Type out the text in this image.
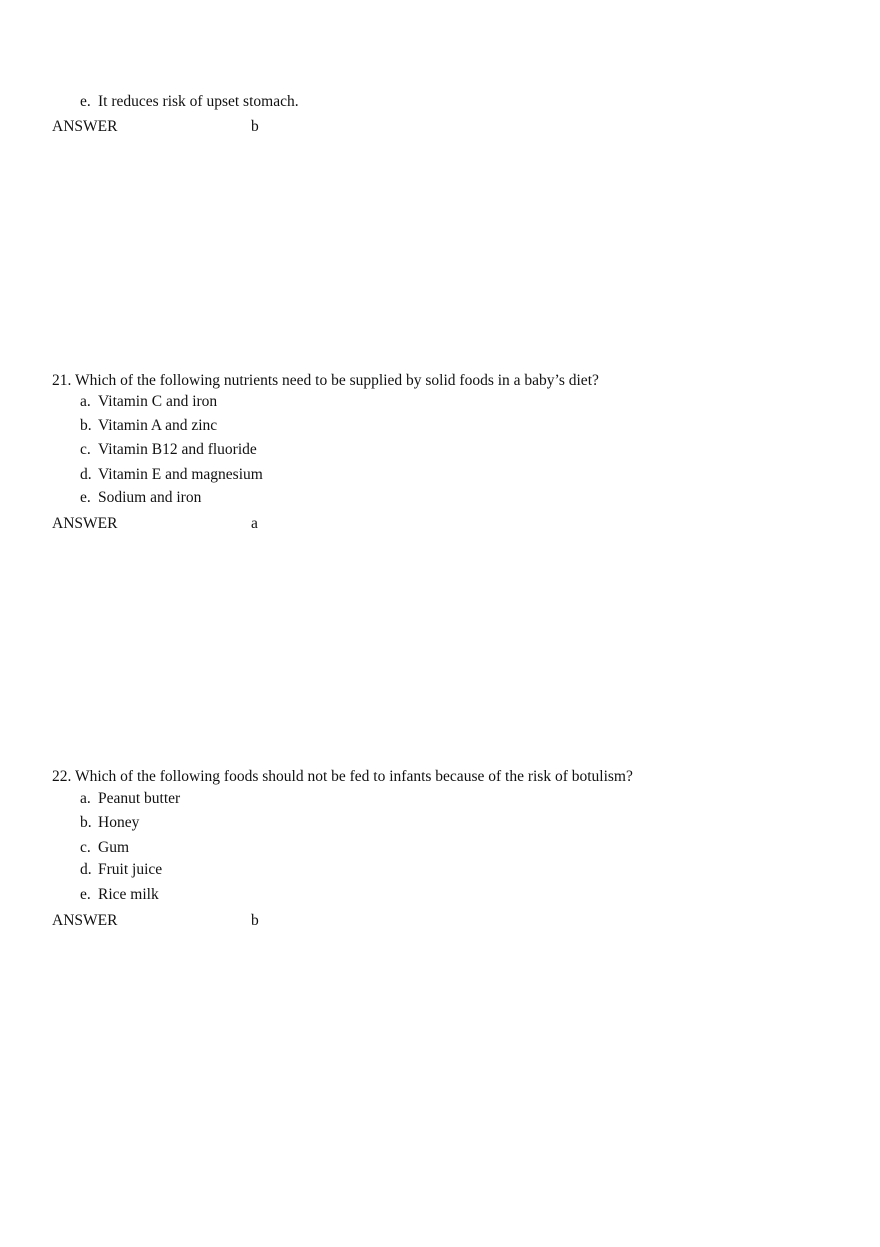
e. It reduces risk of upset stomach.
ANSWER	b
21. Which of the following nutrients need to be supplied by solid foods in a baby’s diet?
a. Vitamin C and iron
b. Vitamin A and zinc
c. Vitamin B12 and fluoride
d. Vitamin E and magnesium
e. Sodium and iron
ANSWER	a
22. Which of the following foods should not be fed to infants because of the risk of botulism?
a. Peanut butter
b. Honey
c. Gum
d. Fruit juice
e. Rice milk
ANSWER	b
